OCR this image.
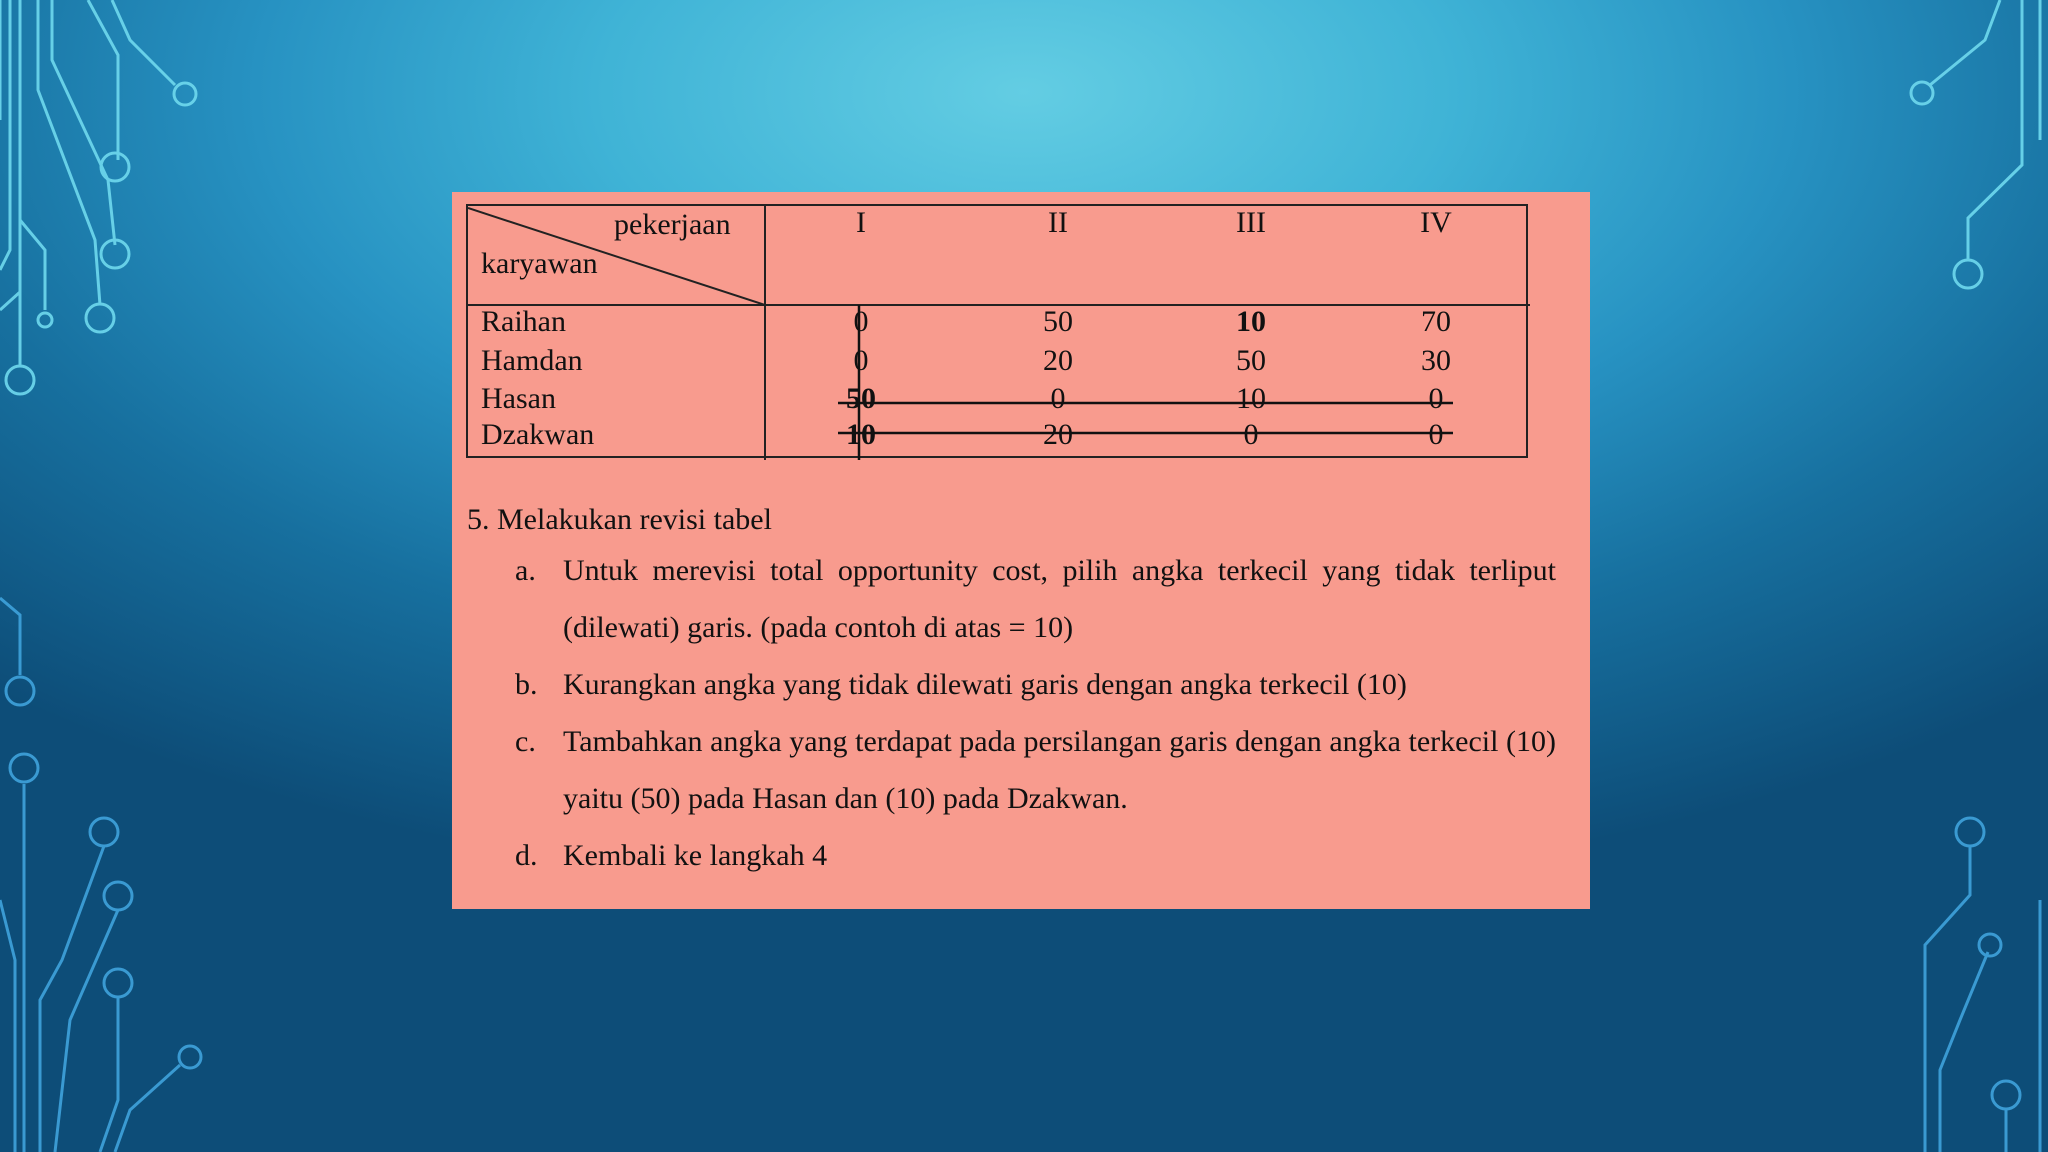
pekerjaan
karyawan
I	II	III	IV
Raihan	0	50	10	70
Hamdan	0	20	50	30
Hasan	50	0	10	0
Dzakwan	10	20	0	0
5. Melakukan revisi tabel
a. Untuk merevisi total opportunity cost, pilih angka terkecil yang tidak terliput (dilewati) garis. (pada contoh di atas = 10)
b. Kurangkan angka yang tidak dilewati garis dengan angka terkecil (10)
c. Tambahkan angka yang terdapat pada persilangan garis dengan angka terkecil (10) yaitu (50) pada Hasan dan (10) pada Dzakwan.
d. Kembali ke langkah 4
